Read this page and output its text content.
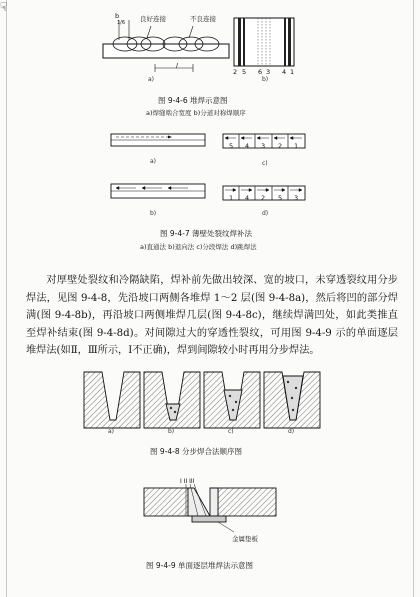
☟
b
1/6 良好连接	不良连接
l
a)
2 5 6 3 4 1
b)
图 9-4-6 堆焊示意图
a)焊缝啮合宽度 b)分道对称焊顺序
a)
5 4 3 2 1
c)
b)
1 4 2 5 3
d)
图 9-4-7 薄壁处裂纹焊补法
a)直通法 b)退向法 c)分段焊法 d)跳焊法
对厚壁处裂纹和冷隔缺陷，焊补前先做出较深、宽的坡口，未穿透裂纹用分步焊法，见图 9-4-8，先沿坡口两侧各堆焊 1～2 层(图 9-4-8a)，然后将凹的部分焊满(图 9-4-8b)，再沿坡口两侧堆焊几层(图 9-4-8c)，继续焊满凹处，如此类推直至焊补结束(图 9-4-8d)。对间隙过大的穿透性裂纹，可用图 9-4-9 示的单面逐层堆焊法(如Ⅱ，Ⅲ所示，Ⅰ不正确)，焊到间隙较小时再用分步焊法。
a)	b)	c)	d)
图 9-4-8 分步焊合法顺序图
I II III
金属垫板
图 9-4-9 单面逐层堆焊法示意图
